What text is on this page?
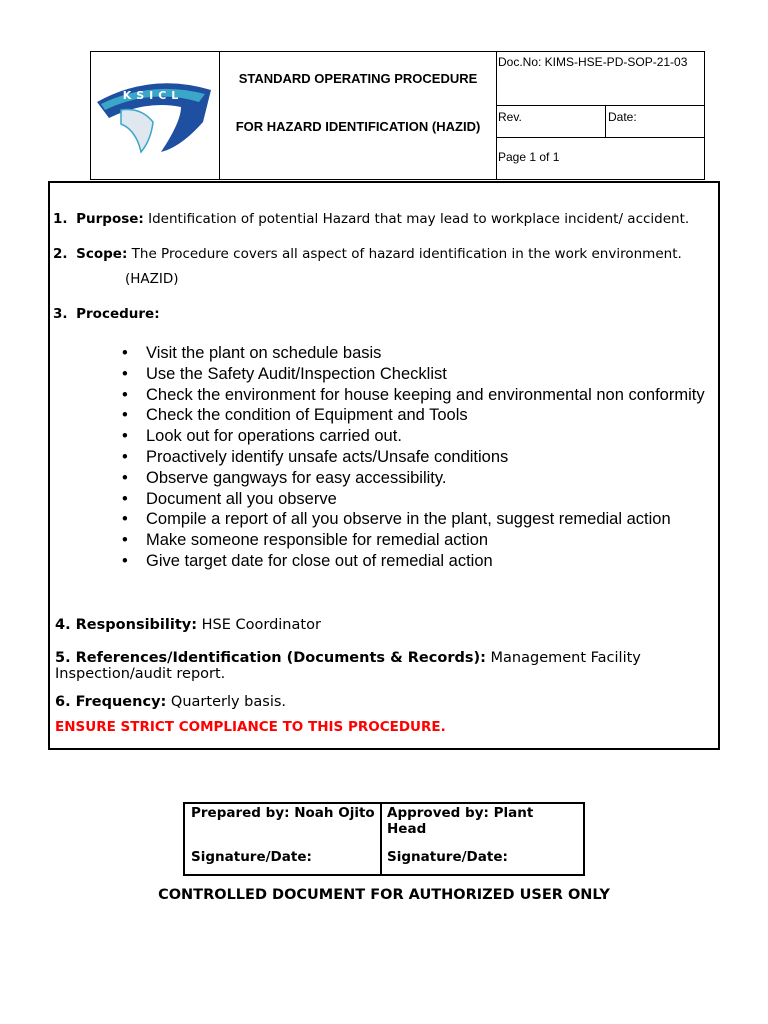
KSICL
STANDARD OPERATING PROCEDURE
FOR HAZARD IDENTIFICATION (HAZID)
Doc.No: KIMS-HSE-PD-SOP-21-03
Rev.	Date:
Page 1 of 1
1. Purpose: Identification of potential Hazard that may lead to workplace incident/ accident.
2. Scope: The Procedure covers all aspect of hazard identification in the work environment.
(HAZID)
3. Procedure:
• Visit the plant on schedule basis
• Use the Safety Audit/Inspection Checklist
• Check the environment for house keeping and environmental non conformity
• Check the condition of Equipment and Tools
• Look out for operations carried out.
• Proactively identify unsafe acts/Unsafe conditions
• Observe gangways for easy accessibility.
• Document all you observe
• Compile a report of all you observe in the plant, suggest remedial action
• Make someone responsible for remedial action
• Give target date for close out of remedial action
4. Responsibility: HSE Coordinator
5. References/Identification (Documents & Records): Management Facility Inspection/audit report.
6. Frequency: Quarterly basis.
ENSURE STRICT COMPLIANCE TO THIS PROCEDURE.
Prepared by: Noah Ojito Approved by: Plant Head
Signature/Date:	Signature/Date:
CONTROLLED DOCUMENT FOR AUTHORIZED USER ONLY
